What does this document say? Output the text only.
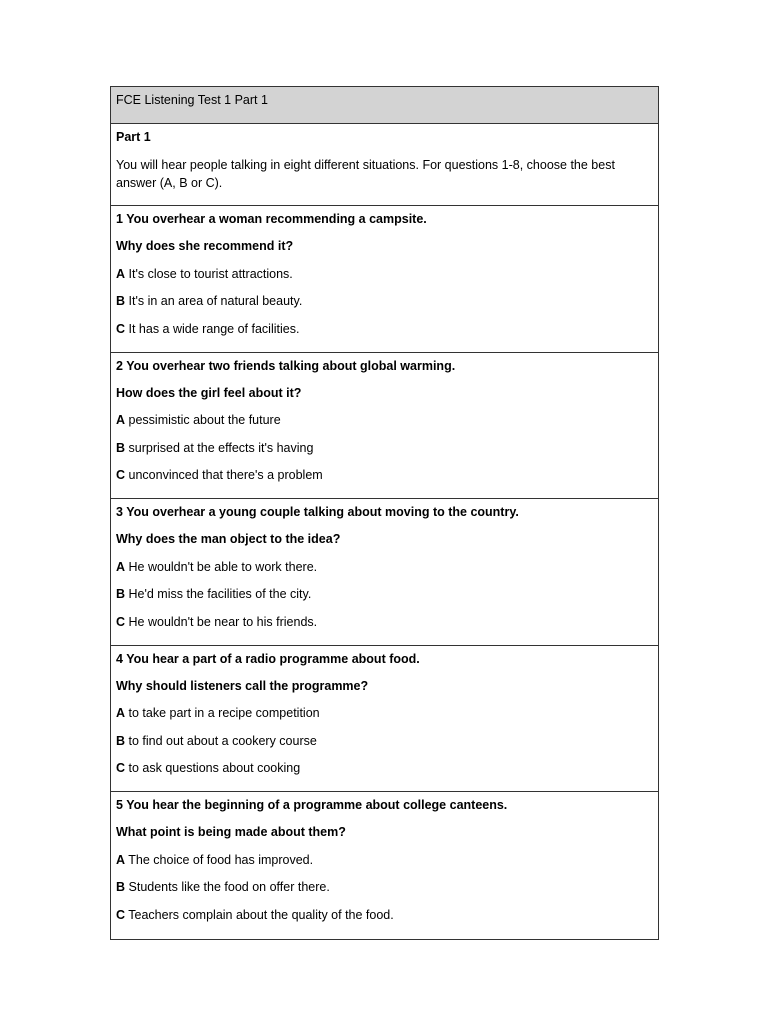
FCE Listening Test 1 Part 1

Part 1

You will hear people talking in eight different situations. For questions 1-8, choose the best answer (A, B or C).

1 You overhear a woman recommending a campsite.
Why does she recommend it?
A It's close to tourist attractions.
B It's in an area of natural beauty.
C It has a wide range of facilities.
2 You overhear two friends talking about global warming.
How does the girl feel about it?
A pessimistic about the future
B surprised at the effects it's having
C unconvinced that there's a problem
3 You overhear a young couple talking about moving to the country.
Why does the man object to the idea?
A He wouldn't be able to work there.
B He'd miss the facilities of the city.
C He wouldn't be near to his friends.
4 You hear a part of a radio programme about food.
Why should listeners call the programme?
A to take part in a recipe competition
B to find out about a cookery course
C to ask questions about cooking
5 You hear the beginning of a programme about college canteens.
What point is being made about them?
A The choice of food has improved.
B Students like the food on offer there.
C Teachers complain about the quality of the food.
